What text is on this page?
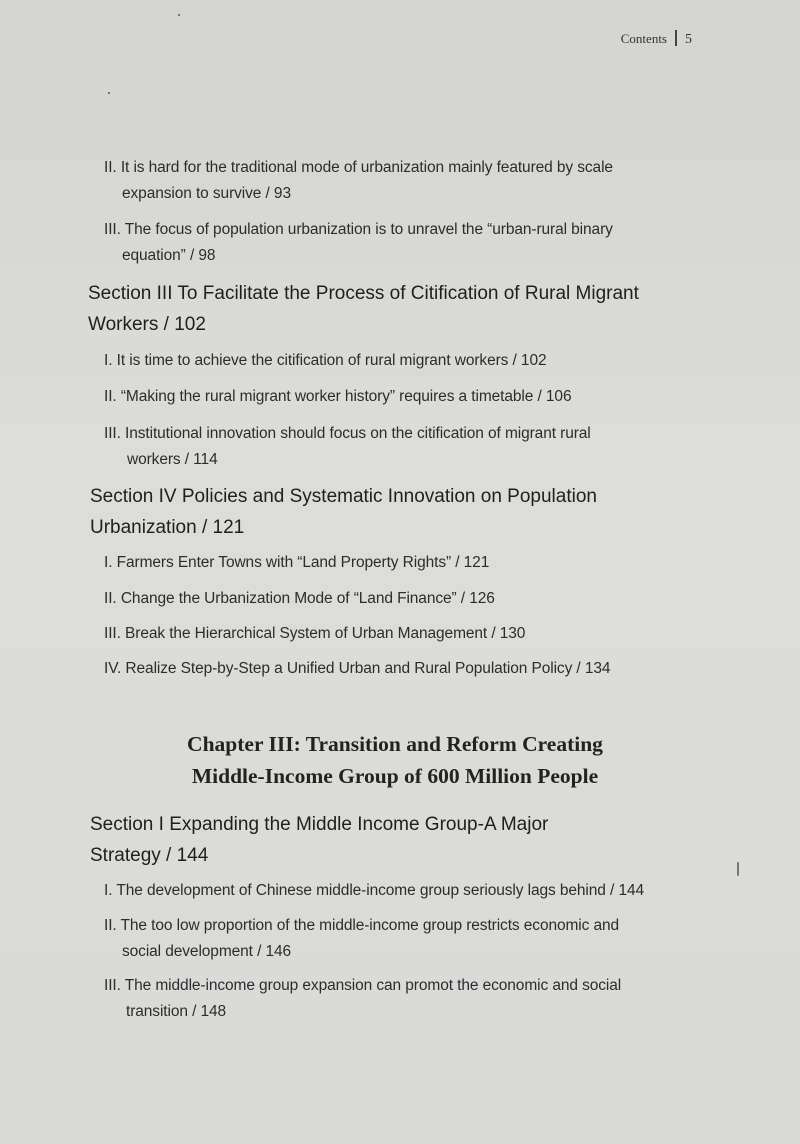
Contents 5
II. It is hard for the traditional mode of urbanization mainly featured by scale
expansion to survive / 93
III. The focus of population urbanization is to unravel the “urban-rural binary
equation” / 98
Section III To Facilitate the Process of Citification of Rural Migrant
Workers / 102
I. It is time to achieve the citification of rural migrant workers / 102
II. “Making the rural migrant worker history” requires a timetable / 106
III. Institutional innovation should focus on the citification of migrant rural
workers / 114
Section IV Policies and Systematic Innovation on Population
Urbanization / 121
I. Farmers Enter Towns with “Land Property Rights” / 121
II. Change the Urbanization Mode of “Land Finance” / 126
III. Break the Hierarchical System of Urban Management / 130
IV. Realize Step-by-Step a Unified Urban and Rural Population Policy / 134
Chapter III: Transition and Reform Creating
Middle-Income Group of 600 Million People
Section I Expanding the Middle Income Group-A Major
Strategy / 144
I. The development of Chinese middle-income group seriously lags behind / 144
II. The too low proportion of the middle-income group restricts economic and
social development / 146
III. The middle-income group expansion can promot the economic and social
transition / 148
